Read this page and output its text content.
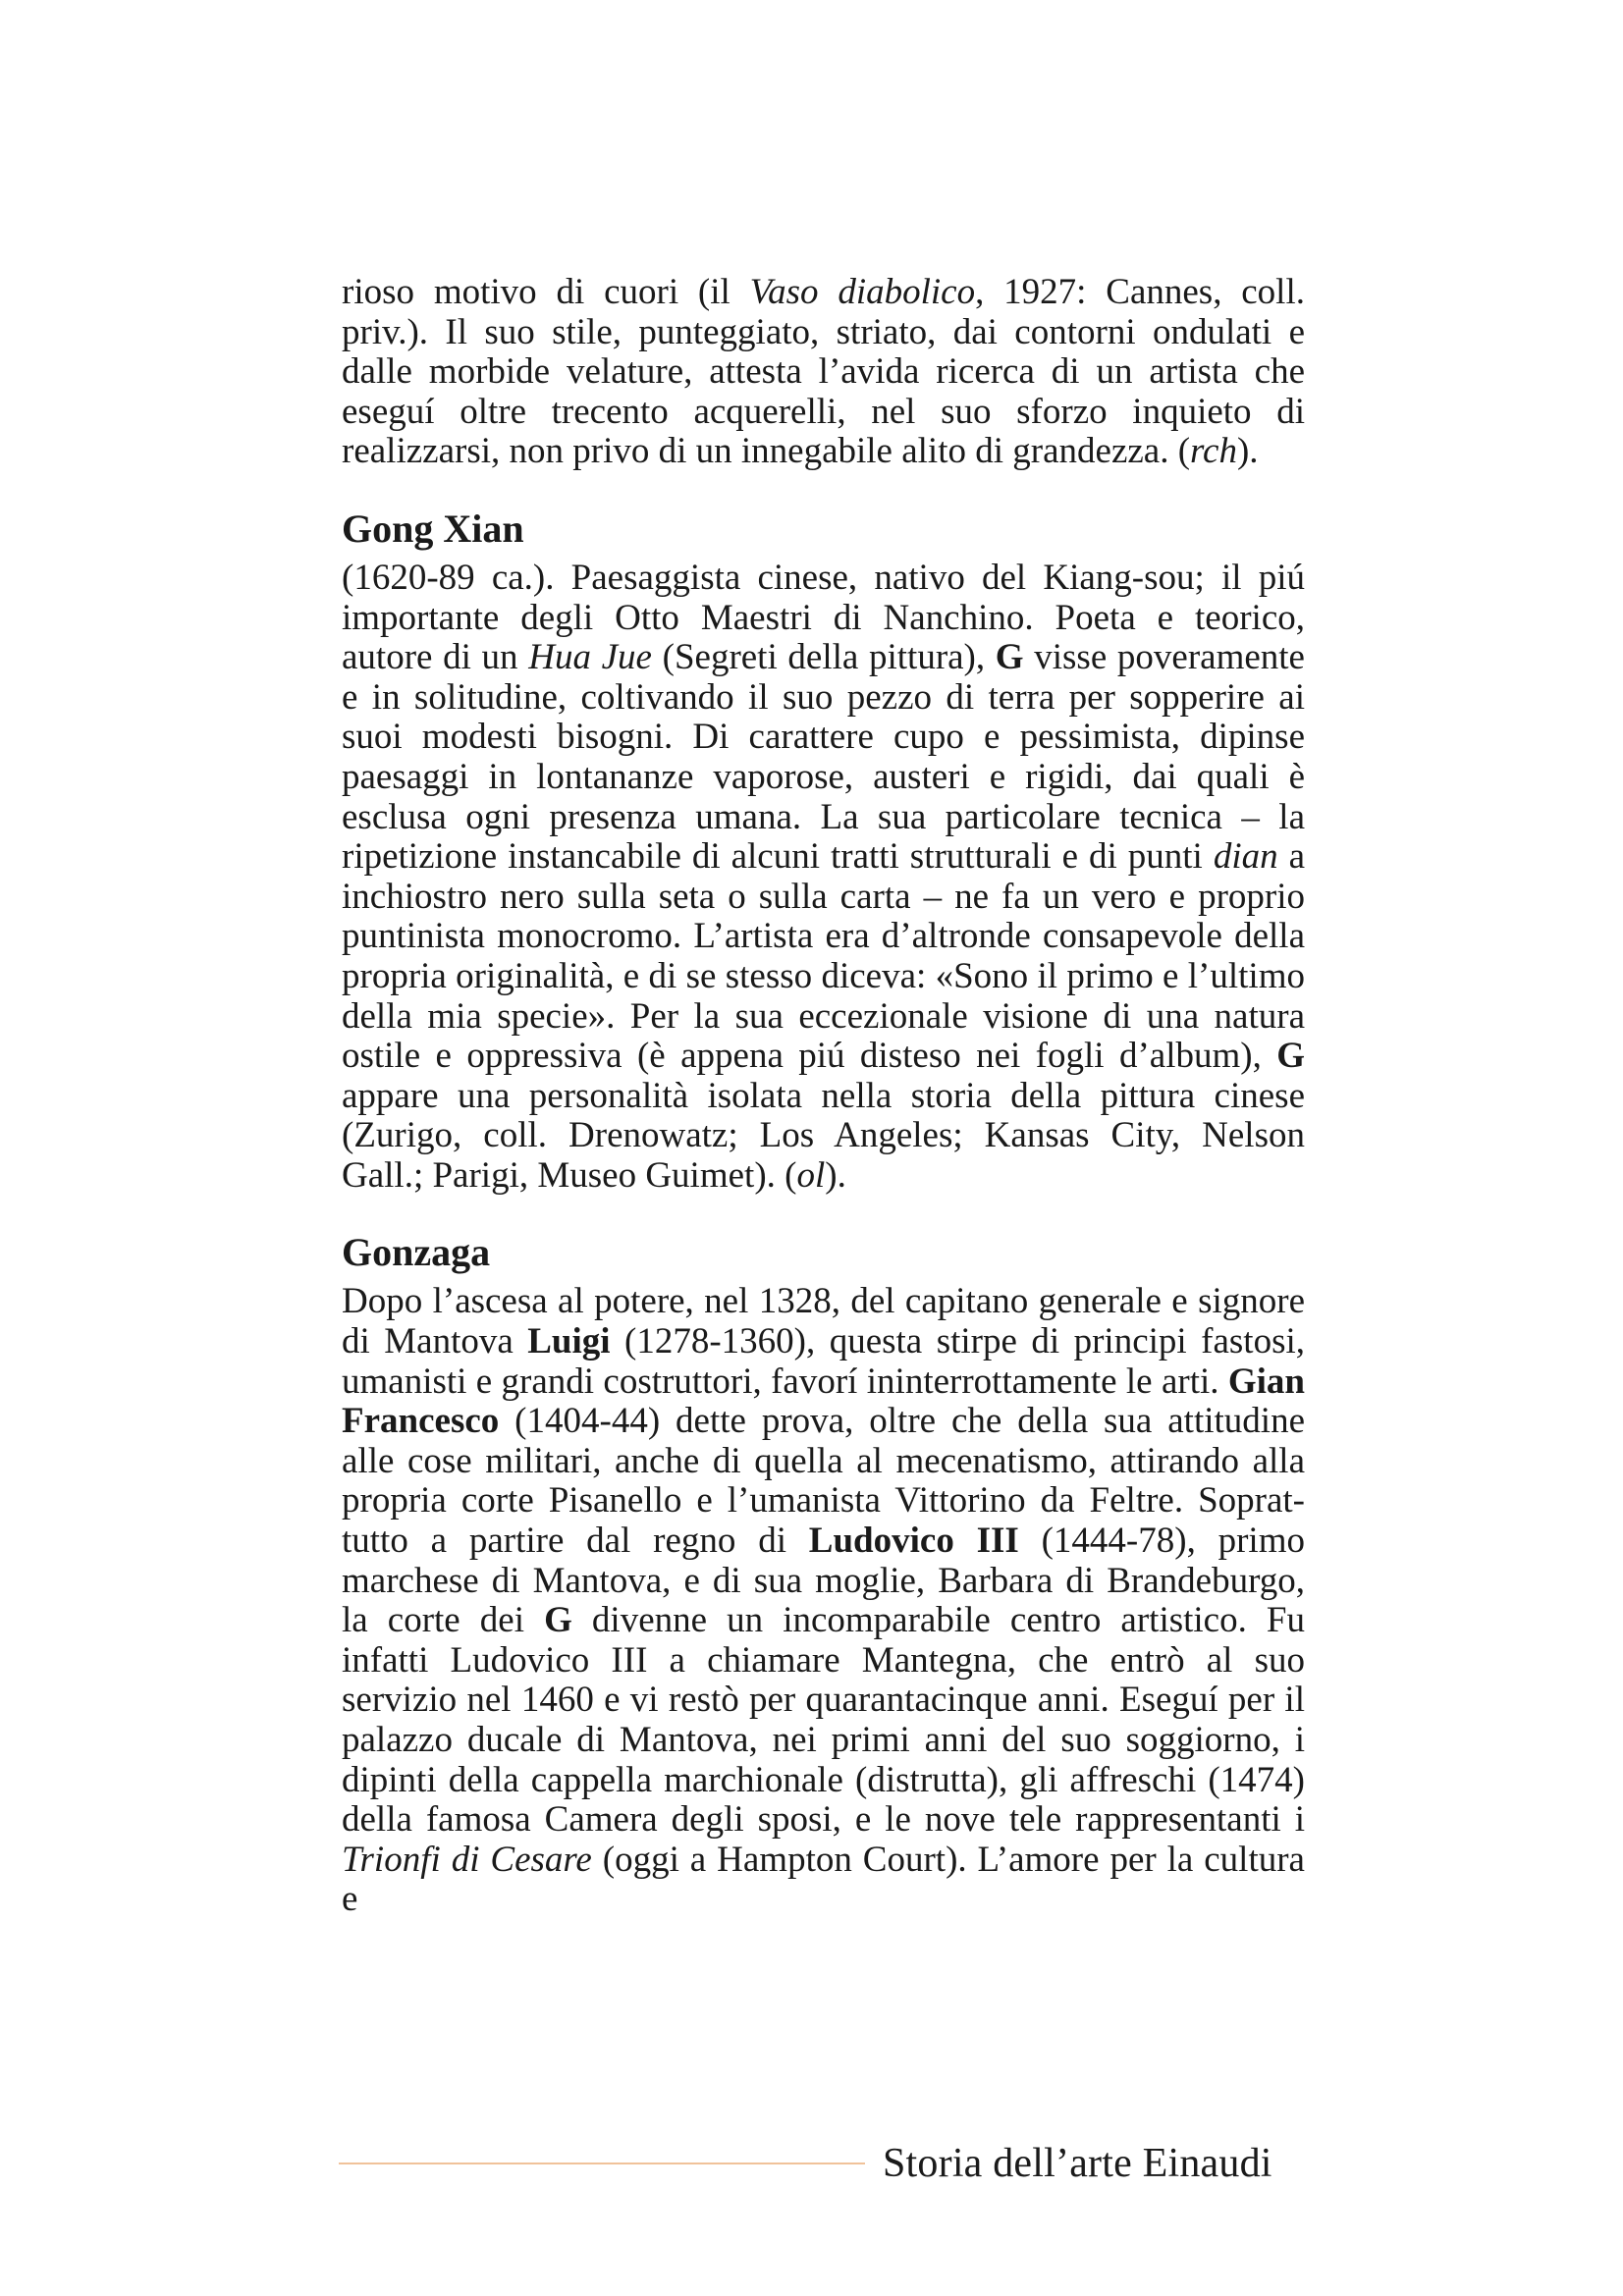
rioso motivo di cuori (il Vaso diabolico, 1927: Cannes, coll. priv.). Il suo stile, punteggiato, striato, dai contorni ondulati e dalle morbide velature, attesta l’avida ricerca di un artista che eseguí oltre trecento acquerelli, nel suo sforzo inquieto di realizzarsi, non privo di un innegabile alito di grandezza. (rch).

Gong Xian

(1620-89 ca.). Paesaggista cinese, nativo del Kiang-sou; il piú importante degli Otto Maestri di Nanchino. Poeta e teorico, autore di un Hua Jue (Segreti della pittura), G visse poveramente e in solitudine, coltivando il suo pezzo di terra per sopperire ai suoi modesti bisogni. Di carattere cupo e pessimista, dipinse paesaggi in lontananze vaporose, austeri e rigidi, dai quali è esclusa ogni presenza umana. La sua particolare tecnica – la ripetizione instancabile di alcuni tratti strutturali e di punti dian a inchiostro nero sulla seta o sulla carta – ne fa un vero e proprio puntinista monocromo. L’artista era d’altronde consapevole della propria originalità, e di se stesso diceva: «Sono il primo e l’ultimo della mia specie». Per la sua eccezionale visione di una natura ostile e oppressiva (è appena piú disteso nei fogli d’album), G appare una personalità isolata nella storia della pittura cinese (Zurigo, coll. Drenowatz; Los Angeles; Kansas City, Nelson Gall.; Parigi, Museo Guimet). (ol).

Gonzaga

Dopo l’ascesa al potere, nel 1328, del capitano generale e signore di Mantova Luigi (1278-1360), questa stirpe di principi fastosi, umanisti e grandi costruttori, favorí ininterrottamente le arti. Gian Francesco (1404-44) dette prova, oltre che della sua attitudine alle cose militari, anche di quella al mecenatismo, attirando alla propria corte Pisanello e l’umanista Vittorino da Feltre. Soprattutto a partire dal regno di Ludovico III (1444-78), primo marchese di Mantova, e di sua moglie, Barbara di Brandeburgo, la corte dei G divenne un incomparabile centro artistico. Fu infatti Ludovico III a chiamare Mantegna, che entrò al suo servizio nel 1460 e vi restò per quarantacinque anni. Eseguí per il palazzo ducale di Mantova, nei primi anni del suo soggiorno, i dipinti della cappella marchionale (distrutta), gli affreschi (1474) della famosa Camera degli sposi, e le nove tele rappresentanti i Trionfi di Cesare (oggi a Hampton Court). L’amore per la cultura e

Storia dell’arte Einaudi
